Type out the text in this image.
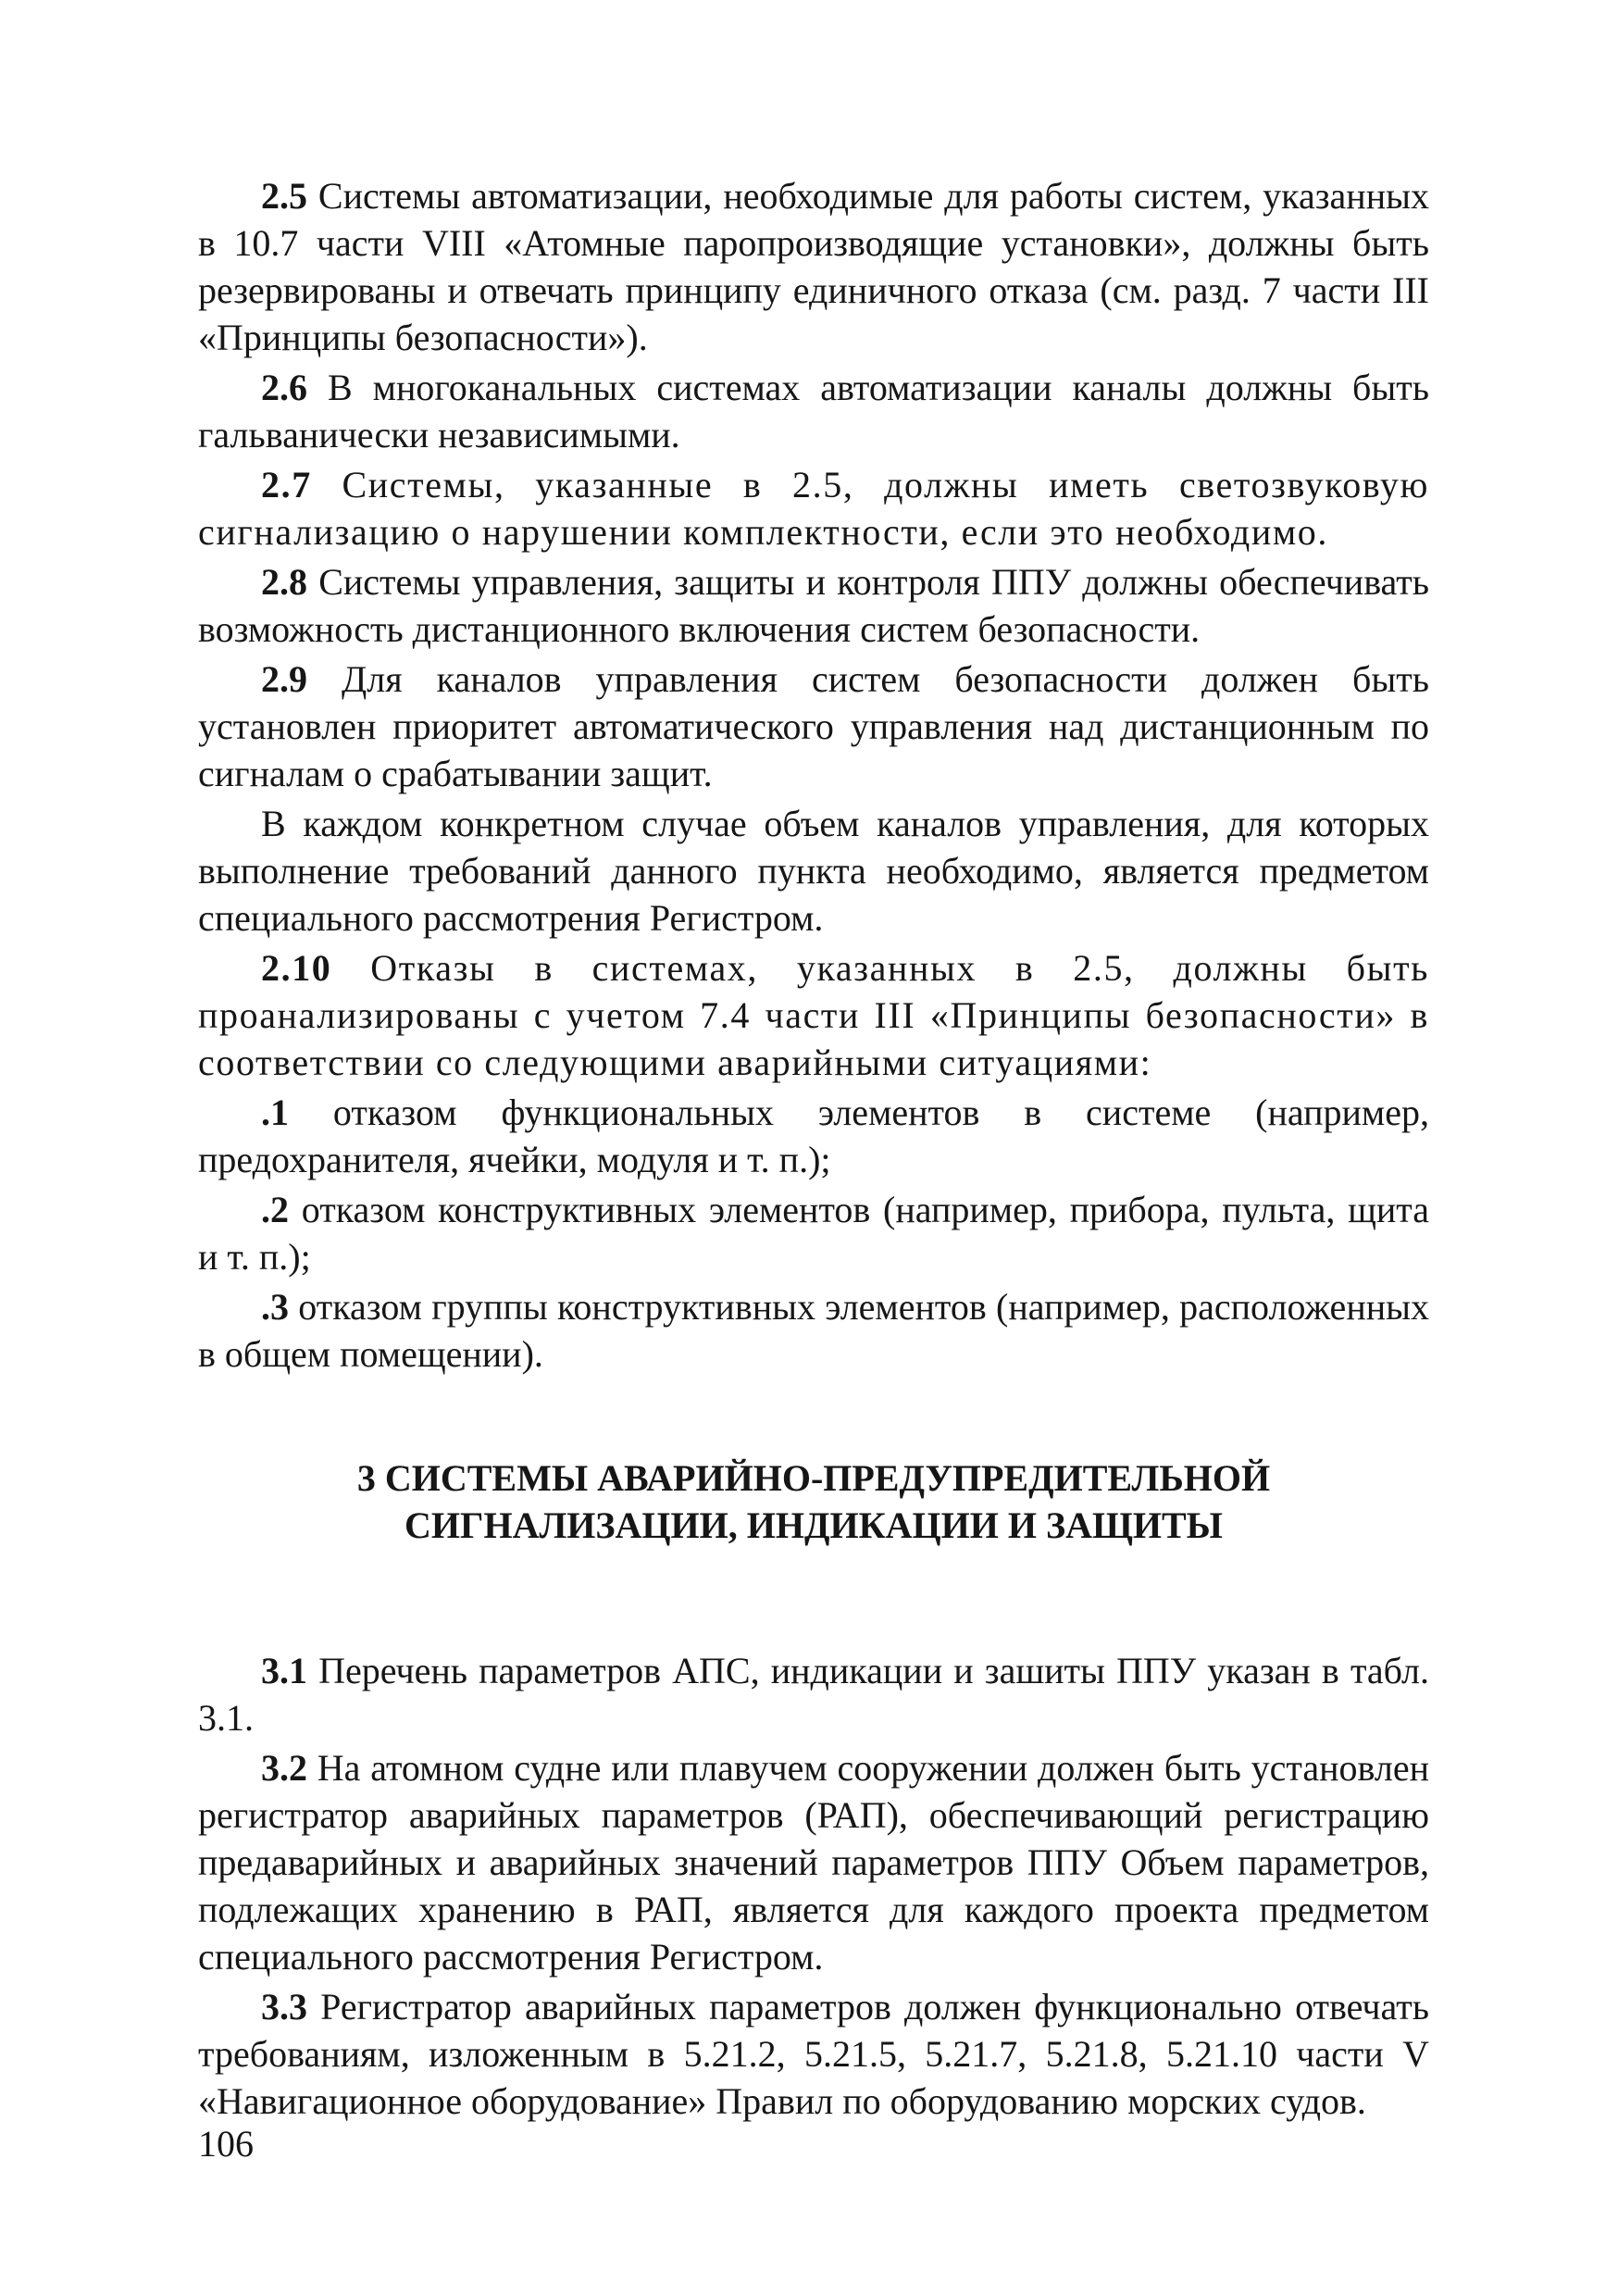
2.5 Системы автоматизации, необходимые для работы систем, указанных в 10.7 части VIII «Атомные паропроизводящие установки», должны быть резервированы и отвечать принципу единичного отказа (см. разд. 7 части III «Принципы безопасности»).

2.6 В многоканальных системах автоматизации каналы должны быть гальванически независимыми.

2.7 Системы, указанные в 2.5, должны иметь светозвуковую сигнализацию о нарушении комплектности, если это необходимо.

2.8 Системы управления, защиты и контроля ППУ должны обеспечивать возможность дистанционного включения систем безопасности.

2.9 Для каналов управления систем безопасности должен быть установлен приоритет автоматического управления над дистанционным по сигналам о срабатывании защит.

В каждом конкретном случае объем каналов управления, для которых выполнение требований данного пункта необходимо, является предметом специального рассмотрения Регистром.

2.10 Отказы в системах, указанных в 2.5, должны быть проанализированы с учетом 7.4 части III «Принципы безопасности» в соответствии со следующими аварийными ситуациями:

.1 отказом функциональных элементов в системе (например, предохранителя, ячейки, модуля и т. п.);

.2 отказом конструктивных элементов (например, прибора, пульта, щита и т. п.);

.3 отказом группы конструктивных элементов (например, расположенных в общем помещении).

3 СИСТЕМЫ АВАРИЙНО-ПРЕДУПРЕДИТЕЛЬНОЙ
СИГНАЛИЗАЦИИ, ИНДИКАЦИИ И ЗАЩИТЫ

3.1 Перечень параметров АПС, индикации и зашиты ППУ указан в табл. 3.1.

3.2 На атомном судне или плавучем сооружении должен быть установлен регистратор аварийных параметров (РАП), обеспечивающий регистрацию предаварийных и аварийных значений параметров ППУ Объем параметров, подлежащих хранению в РАП, является для каждого проекта предметом специального рассмотрения Регистром.

3.3 Регистратор аварийных параметров должен функционально отвечать требованиям, изложенным в 5.21.2, 5.21.5, 5.21.7, 5.21.8, 5.21.10 части V «Навигационное оборудование» Правил по оборудованию морских судов.

106
